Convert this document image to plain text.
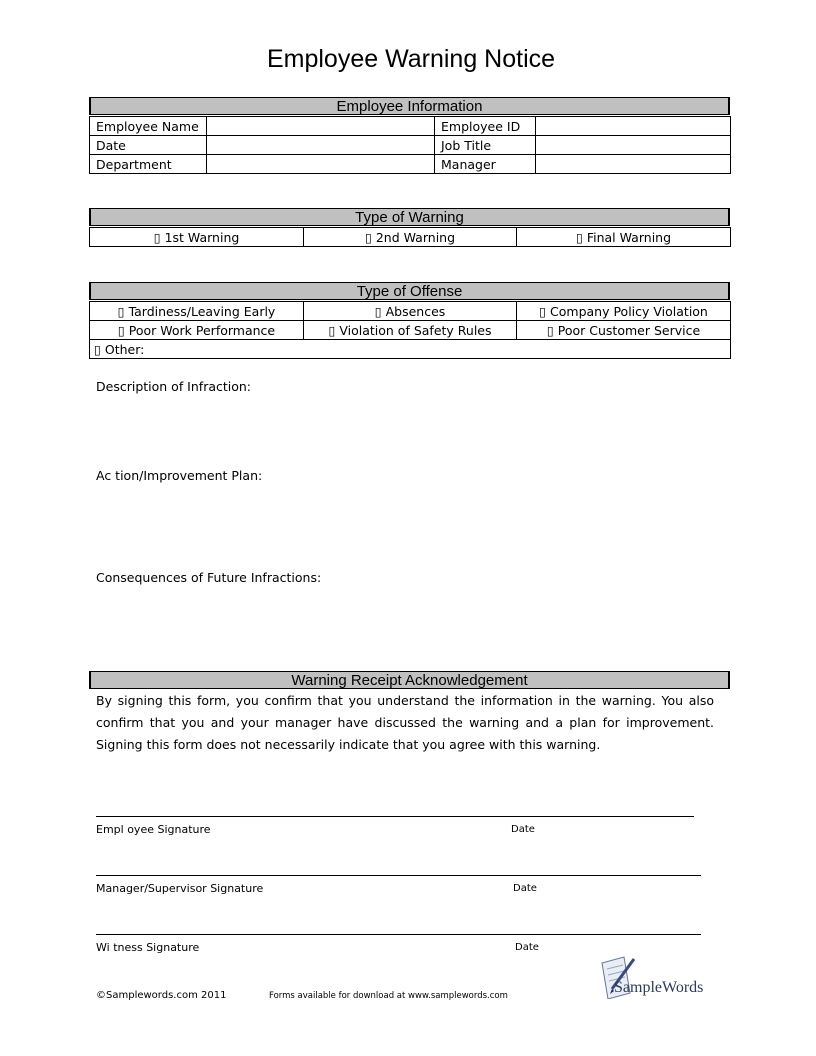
Employee Warning Notice
Employee Information
Employee Name		Employee ID	
Date		Job Title	
Department		Manager	
Type of Warning
▯ 1st Warning	▯ 2nd Warning	▯ Final Warning
Type of Offense
▯ Tardiness/Leaving Early	▯ Absences	▯ Company Policy Violation
▯ Poor Work Performance	▯ Violation of Safety Rules	▯ Poor Customer Service
▯ Other:		
Description of Infraction:
Ac tion/Improvement Plan:
Consequences of Future Infractions:
Warning Receipt Acknowledgement
By signing this form, you confirm that you understand the information in the warning. You also confirm that you and your manager have discussed the warning and a plan for improvement. Signing this form does not necessarily indicate that you agree with this warning.
Empl oyee Signature	Date
Manager/Supervisor Signature	Date
Wi tness Signature	Date
©Samplewords.com 2011	Forms available for download at www.samplewords.com	SampleWords
